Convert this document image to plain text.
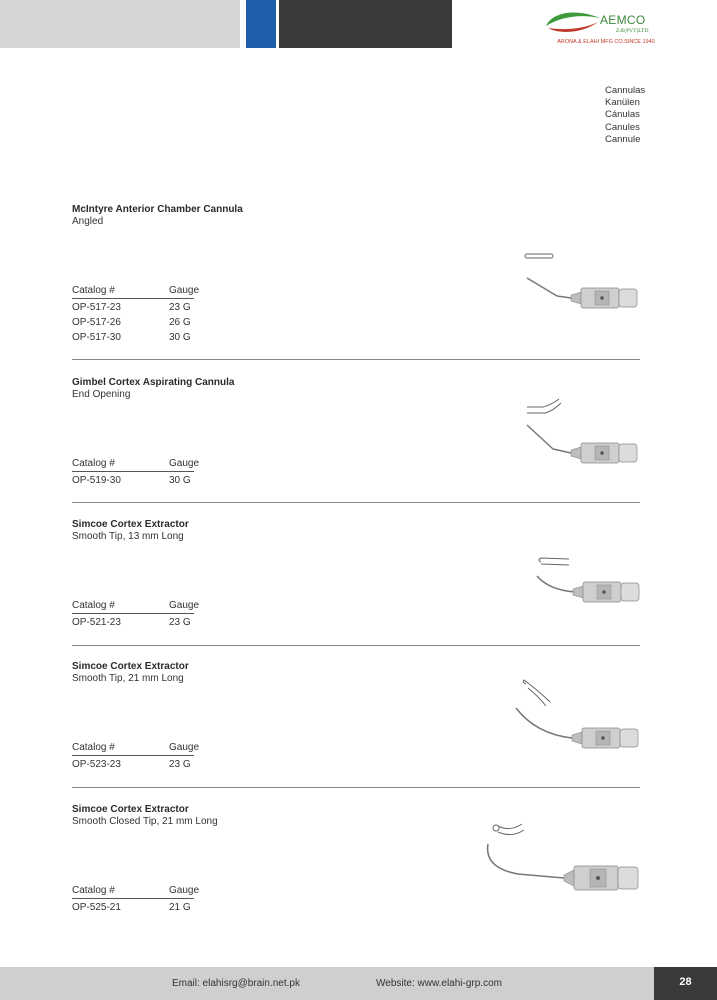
AEMCO
ZÆ(PVT)LTD
ARONA & ELAHI MFG CO.SINCE 1940
Cannulas
Kanülen
Cánulas
Canules
Cannule
McIntyre Anterior Chamber Cannula
Angled
Catalog #	Gauge
OP-517-23	23 G
OP-517-26	26 G
OP-517-30	30 G
Gimbel Cortex Aspirating Cannula
End Opening
Catalog #	Gauge
OP-519-30	30 G
Simcoe Cortex Extractor
Smooth Tip, 13 mm Long
Catalog #	Gauge
OP-521-23	23 G
Simcoe Cortex Extractor
Smooth Tip, 21 mm Long
Catalog #	Gauge
OP-523-23	23 G
Simcoe Cortex Extractor
Smooth Closed Tip, 21 mm Long
Catalog #	Gauge
OP-525-21	21 G
Email: elahisrg@brain.net.pk	Website: www.elahi-grp.com	28
